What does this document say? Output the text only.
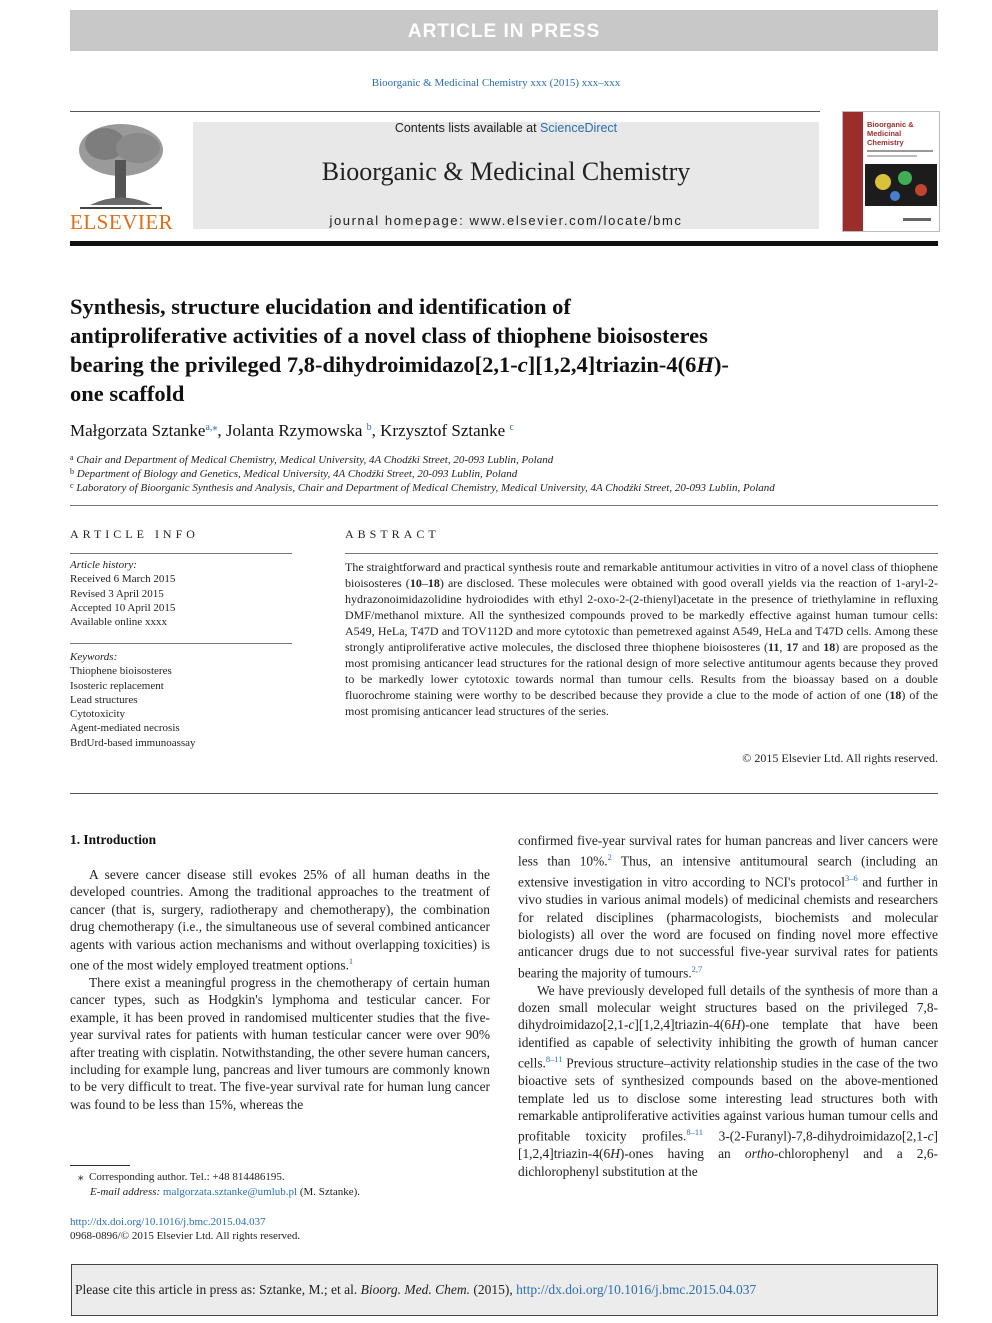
ARTICLE IN PRESS
Bioorganic & Medicinal Chemistry xxx (2015) xxx–xxx
ELSEVIER
Contents lists available at ScienceDirect
Bioorganic & Medicinal Chemistry
journal homepage: www.elsevier.com/locate/bmc
Bioorganic & Medicinal Chemistry
Synthesis, structure elucidation and identification of
antiproliferative activities of a novel class of thiophene bioisosteres
bearing the privileged 7,8-dihydroimidazo[2,1-c][1,2,4]triazin-4(6H)-
one scaffold
Małgorzata Sztanke$^{a,⁎}$, Jolanta Rzymowska $^b$, Krzysztof Sztanke $^c$
$^a$ Chair and Department of Medical Chemistry, Medical University, 4A Chodźki Street, 20-093 Lublin, Poland
$^b$ Department of Biology and Genetics, Medical University, 4A Chodźki Street, 20-093 Lublin, Poland
$^c$ Laboratory of Bioorganic Synthesis and Analysis, Chair and Department of Medical Chemistry, Medical University, 4A Chodźki Street, 20-093 Lublin, Poland
ARTICLE INFO
Article history:
Received 6 March 2015
Revised 3 April 2015
Accepted 10 April 2015
Available online xxxx
Keywords:
Thiophene bioisosteres
Isosteric replacement
Lead structures
Cytotoxicity
Agent-mediated necrosis
BrdUrd-based immunoassay
ABSTRACT
The straightforward and practical synthesis route and remarkable antitumour activities in vitro of a novel class of thiophene bioisosteres (10–18) are disclosed. These molecules were obtained with good overall yields via the reaction of 1-aryl-2-hydrazonoimidazolidine hydroiodides with ethyl 2-oxo-2-(2-thienyl)acetate in the presence of triethylamine in refluxing DMF/methanol mixture. All the synthesized compounds proved to be markedly effective against human tumour cells: A549, HeLa, T47D and TOV112D and more cytotoxic than pemetrexed against A549, HeLa and T47D cells. Among these strongly antiproliferative active molecules, the disclosed three thiophene bioisosteres (11, 17 and 18) are proposed as the most promising anticancer lead structures for the rational design of more selective antitumour agents because they proved to be markedly lower cytotoxic towards normal than tumour cells. Results from the bioassay based on a double fluorochrome staining were worthy to be described because they provide a clue to the mode of action of one (18) of the most promising anticancer lead structures of the series.
© 2015 Elsevier Ltd. All rights reserved.
1. Introduction

A severe cancer disease still evokes 25% of all human deaths in the developed countries. Among the traditional approaches to the treatment of cancer (that is, surgery, radiotherapy and chemotherapy), the combination drug chemotherapy (i.e., the simultaneous use of several combined anticancer agents with various action mechanisms and without overlapping toxicities) is one of the most widely employed treatment options.$^1$

There exist a meaningful progress in the chemotherapy of certain human cancer types, such as Hodgkin's lymphoma and testicular cancer. For example, it has been proved in randomised multicenter studies that the five-year survival rates for patients with human testicular cancer were over 90% after treating with cisplatin. Notwithstanding, the other severe human cancers, including for example lung, pancreas and liver tumours are commonly known to be very difficult to treat. The five-year survival rate for human lung cancer was found to be less than 15%, whereas the

confirmed five-year survival rates for human pancreas and liver cancers were less than 10%.$^2$ Thus, an intensive antitumoural search (including an extensive investigation in vitro according to NCI's protocol$^{3-6}$ and further in vivo studies in various animal models) of medicinal chemists and researchers for related disciplines (pharmacologists, biochemists and molecular biologists) all over the word are focused on finding novel more effective anticancer drugs due to not successful five-year survival rates for patients bearing the majority of tumours.$^{2,7}$

We have previously developed full details of the synthesis of more than a dozen small molecular weight structures based on the privileged 7,8-dihydroimidazo[2,1-c][1,2,4]triazin-4(6H)-one template that have been identified as capable of selectivity inhibiting the growth of human cancer cells.$^{8-11}$ Previous structure–activity relationship studies in the case of the two bioactive sets of synthesized compounds based on the above-mentioned template led us to disclose some interesting lead structures both with remarkable antiproliferative activities against various human tumour cells and profitable toxicity profiles.$^{8-11}$ 3-(2-Furanyl)-7,8-dihydroimidazo[2,1-c][1,2,4]triazin-4(6H)-ones having an ortho-chlorophenyl and a 2,6-dichlorophenyl substitution at the

⁎ Corresponding author. Tel.: +48 814486195.
E-mail address: malgorzata.sztanke@umlub.pl (M. Sztanke).
http://dx.doi.org/10.1016/j.bmc.2015.04.037
0968-0896/© 2015 Elsevier Ltd. All rights reserved.
Please cite this article in press as: Sztanke, M.; et al. Bioorg. Med. Chem. (2015), http://dx.doi.org/10.1016/j.bmc.2015.04.037
